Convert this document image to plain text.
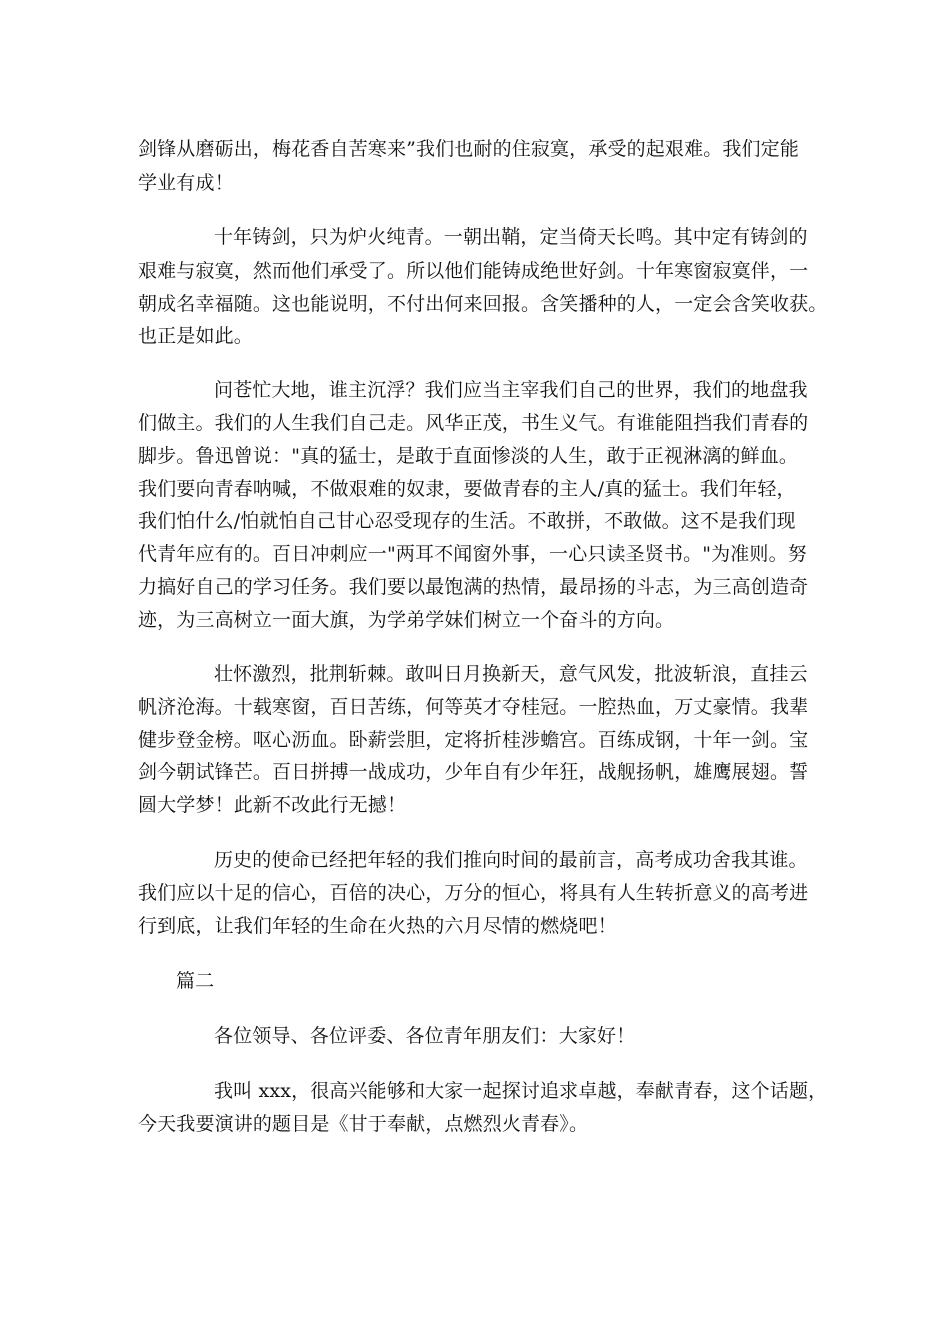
剑锋从磨砺出，梅花香自苦寒来”我们也耐的住寂寞，承受的起艰难。我们定能
学业有成！
十年铸剑，只为炉火纯青。一朝出鞘，定当倚天长鸣。其中定有铸剑的
艰难与寂寞，然而他们承受了。所以他们能铸成绝世好剑。十年寒窗寂寞伴，一
朝成名幸福随。这也能说明，不付出何来回报。含笑播种的人，一定会含笑收获。
也正是如此。
问苍忙大地，谁主沉浮？我们应当主宰我们自己的世界，我们的地盘我
们做主。我们的人生我们自己走。风华正茂，书生义气。有谁能阻挡我们青春的
脚步。鲁迅曾说："真的猛士，是敢于直面惨淡的人生，敢于正视淋漓的鲜血。
我们要向青春呐喊，不做艰难的奴隶，要做青春的主人/真的猛士。我们年轻，
我们怕什么/怕就怕自己甘心忍受现存的生活。不敢拼，不敢做。这不是我们现
代青年应有的。百日冲刺应一"两耳不闻窗外事，一心只读圣贤书。"为准则。努
力搞好自己的学习任务。我们要以最饱满的热情，最昂扬的斗志，为三高创造奇
迹，为三高树立一面大旗，为学弟学妹们树立一个奋斗的方向。
壮怀激烈，批荆斩棘。敢叫日月换新天，意气风发，批波斩浪，直挂云
帆济沧海。十载寒窗，百日苦练，何等英才夺桂冠。一腔热血，万丈豪情。我辈
健步登金榜。呕心沥血。卧薪尝胆，定将折桂涉蟾宫。百练成钢，十年一剑。宝
剑今朝试锋芒。百日拼搏一战成功，少年自有少年狂，战舰扬帆，雄鹰展翅。誓
圆大学梦！此新不改此行无撼！
历史的使命已经把年轻的我们推向时间的最前言，高考成功舍我其谁。
我们应以十足的信心，百倍的决心，万分的恒心，将具有人生转折意义的高考进
行到底，让我们年轻的生命在火热的六月尽情的燃烧吧！
篇二
各位领导、各位评委、各位青年朋友们：大家好！
我叫 xxx，很高兴能够和大家一起探讨追求卓越，奉献青春，这个话题，
今天我要演讲的题目是《甘于奉献，点燃烈火青春》。
